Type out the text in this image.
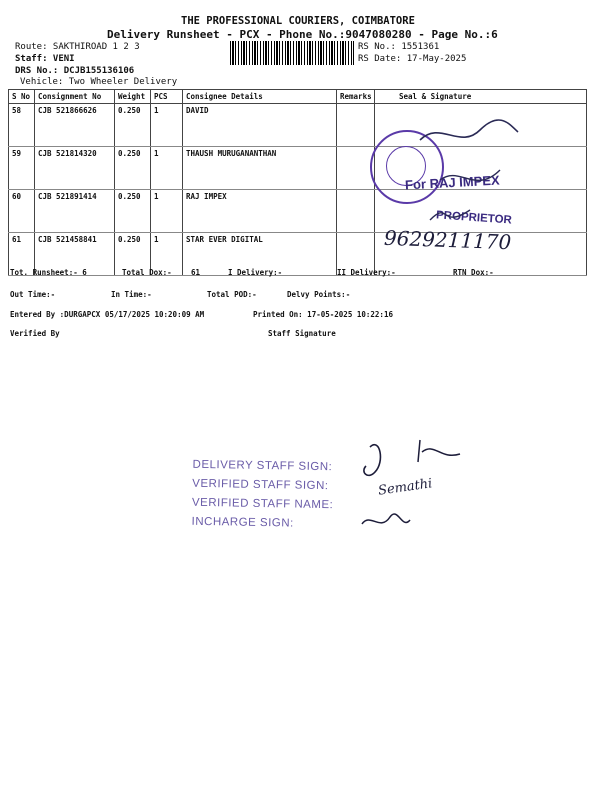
THE PROFESSIONAL COURIERS, COIMBATORE
Delivery Runsheet - PCX - Phone No.:9047080280 - Page No.:6
Route: SAKTHIROAD 1 2 3
Staff: VENI
DRS No.: DCJB155136106
Vehicle: Two Wheeler Delivery
RS No.: 1551361
RS Date: 17-May-2025
S No	Consignment No	Weight	PCS	Consignee Details	Remarks	Seal & Signature
58	CJB 521866626	0.250	1	DAVID		
59	CJB 521814320	0.250	1	THAUSH MURUGANANTHAN		
60	CJB 521891414	0.250	1	RAJ IMPEX		
61	CJB 521458841	0.250	1	STAR EVER DIGITAL		
For RAJ IMPEX
PROPRIETOR
9629211170
Tot. Runsheet:- 6	Total Dox:-	61	I Delivery:-	II Delivery:-	RTN Dox:-
Out Time:-	In Time:-	Total POD:-	Delvy Points:-
Entered By :DURGAPCX 05/17/2025 10:20:09 AM	Printed On: 17-05-2025 10:22:16
Verified By	Staff Signature
DELIVERY STAFF SIGN:
VERIFIED STAFF SIGN:
VERIFIED STAFF NAME:
INCHARGE SIGN:
Semathi
